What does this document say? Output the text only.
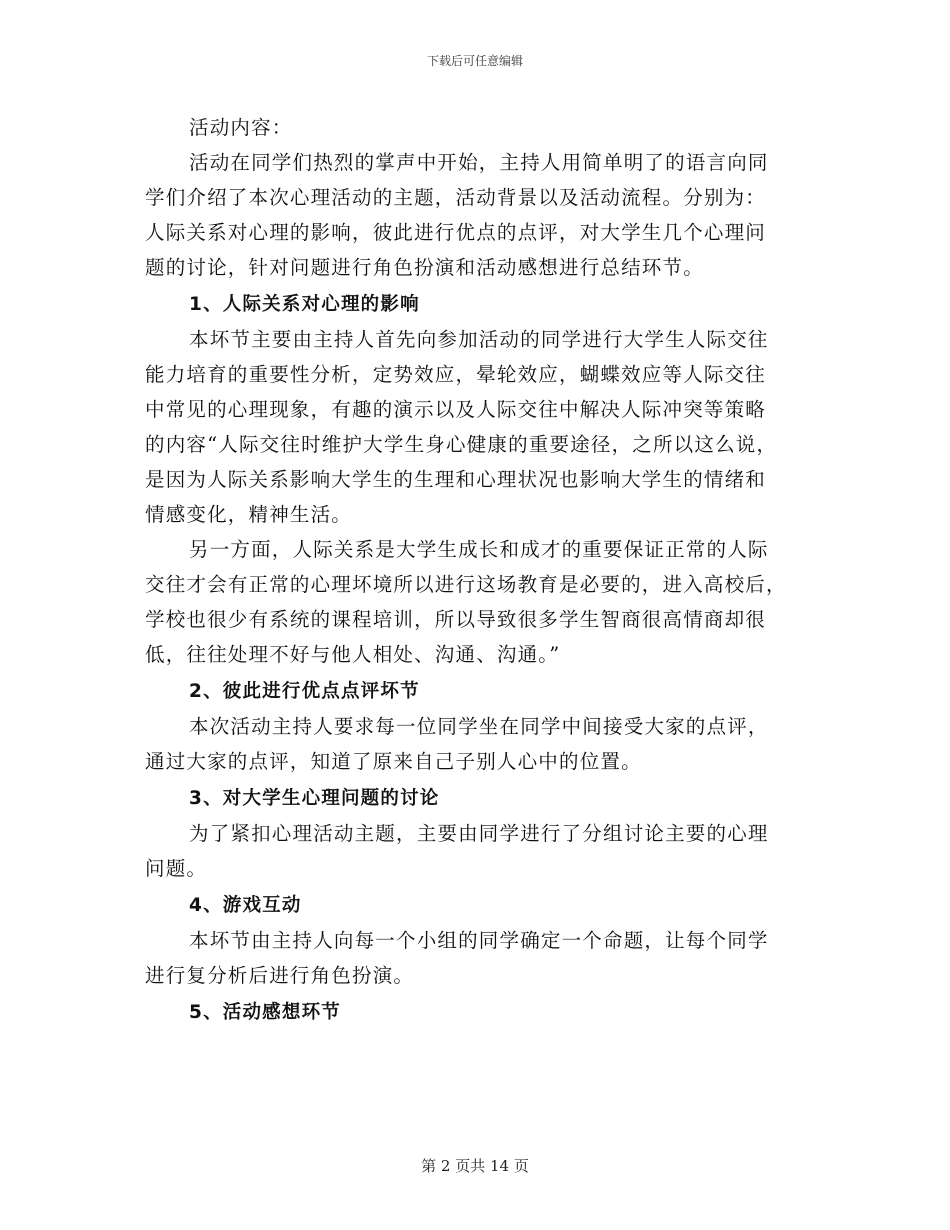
下载后可任意编辑
活动内容：
活动在同学们热烈的掌声中开始，主持人用简单明了的语言向同
学们介绍了本次心理活动的主题，活动背景以及活动流程。分别为：
人际关系对心理的影响，彼此进行优点的点评，对大学生几个心理问
题的讨论，针对问题进行角色扮演和活动感想进行总结环节。
1、人际关系对心理的影响
本坏节主要由主持人首先向参加活动的同学进行大学生人际交往
能力培育的重要性分析，定势效应，晕轮效应，蝴蝶效应等人际交往
中常见的心理现象，有趣的演示以及人际交往中解决人际冲突等策略
的内容“人际交往时维护大学生身心健康的重要途径，之所以这么说，
是因为人际关系影响大学生的生理和心理状况也影响大学生的情绪和
情感变化，精神生活。
另一方面，人际关系是大学生成长和成才的重要保证正常的人际
交往才会有正常的心理坏境所以进行这场教育是必要的，进入高校后，
学校也很少有系统的课程培训，所以导致很多学生智商很高情商却很
低，往往处理不好与他人相处、沟通、沟通。”
2、彼此进行优点点评坏节
本次活动主持人要求每一位同学坐在同学中间接受大家的点评，
通过大家的点评，知道了原来自己子别人心中的位置。
3、对大学生心理问题的讨论
为了紧扣心理活动主题，主要由同学进行了分组讨论主要的心理
问题。
4、游戏互动
本坏节由主持人向每一个小组的同学确定一个命题，让每个同学
进行复分析后进行角色扮演。
5、活动感想环节
第 2 页共 14 页
